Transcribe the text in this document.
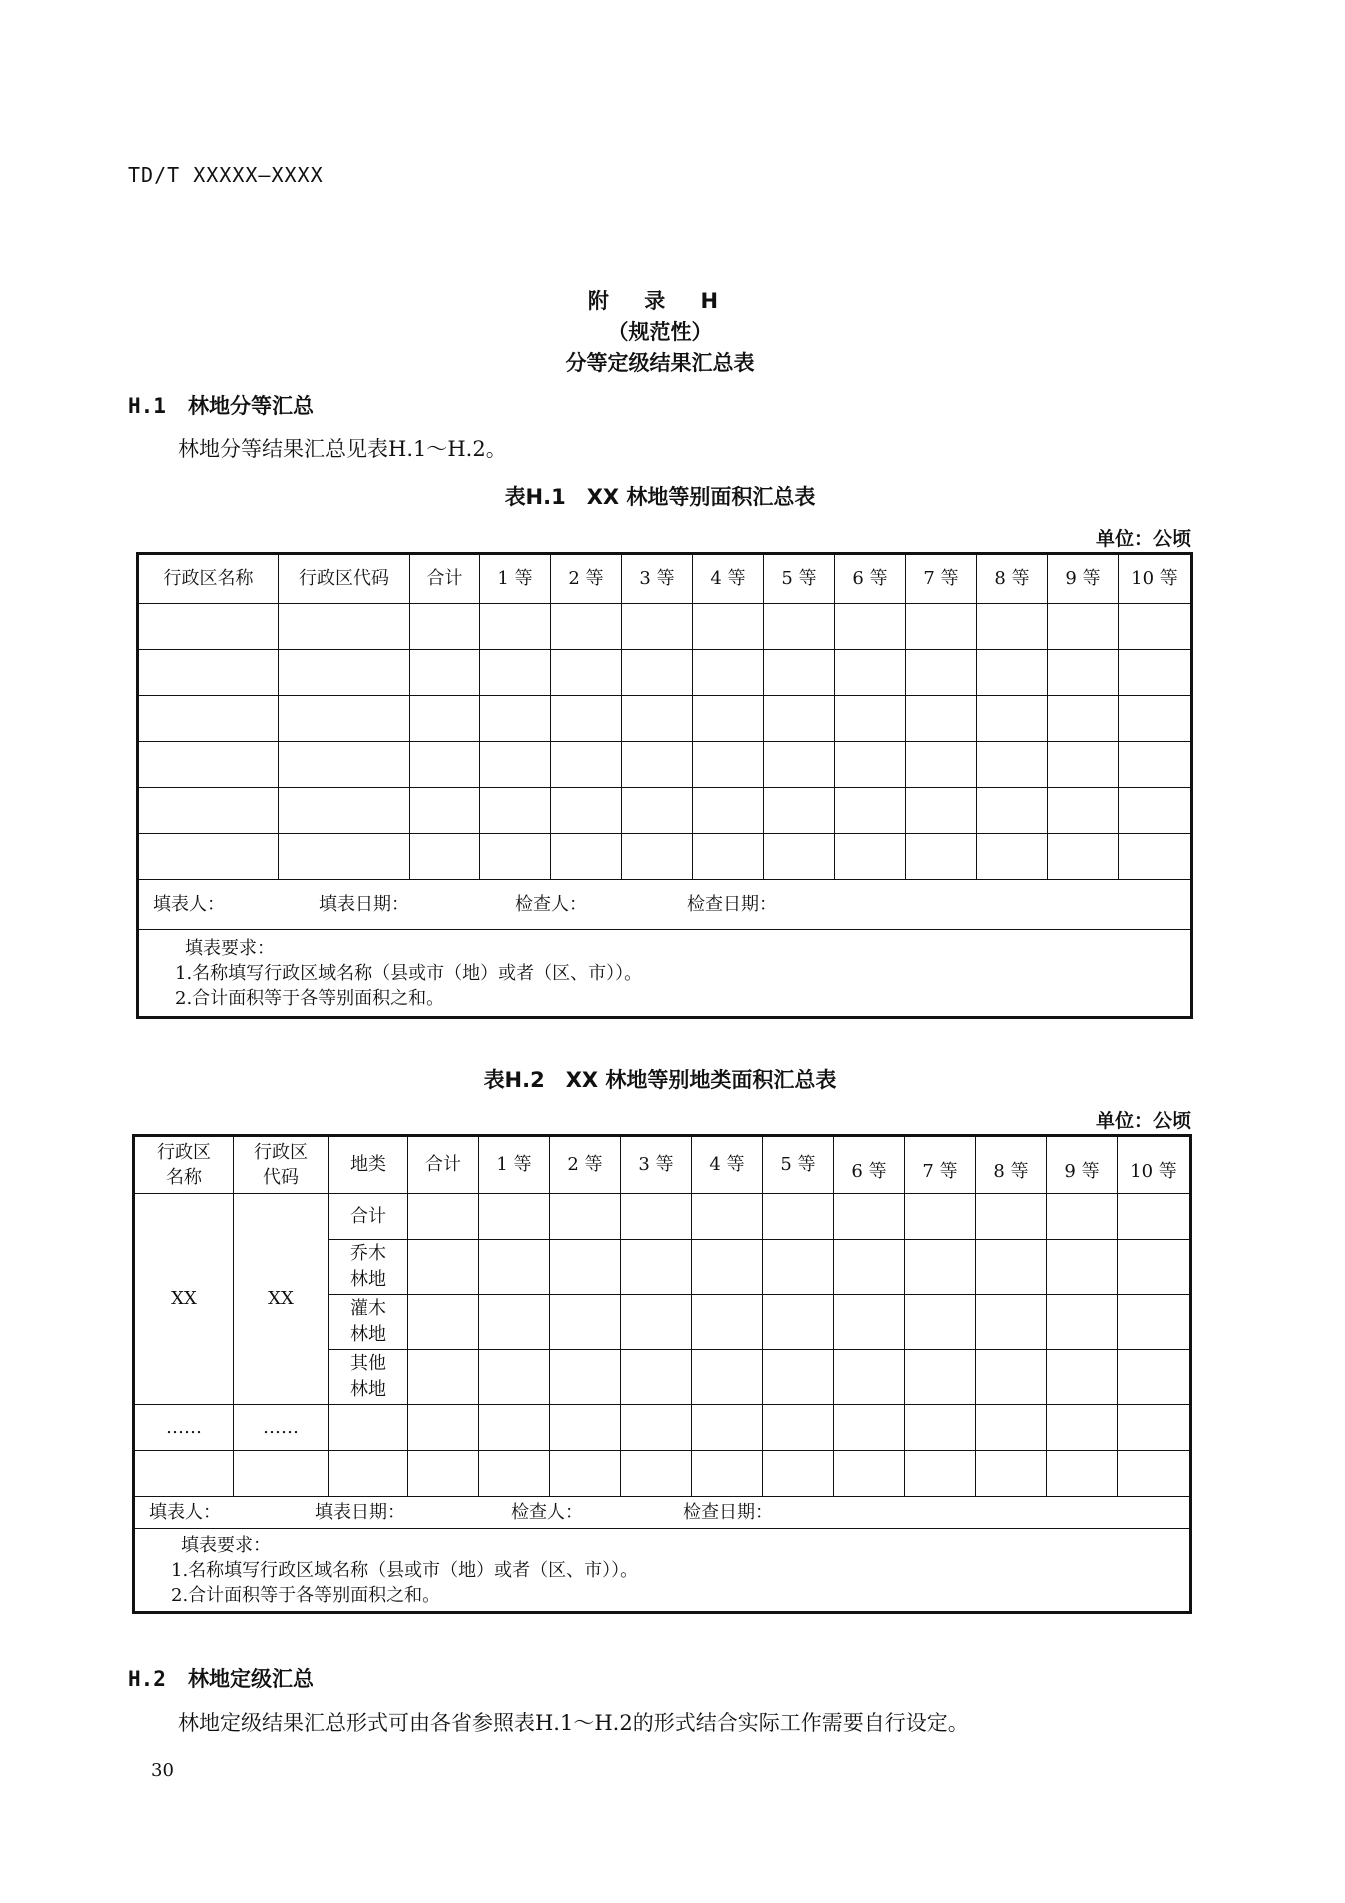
TD/T XXXXX—XXXX
附 录 H
（规范性）
分等定级结果汇总表
H.1 林地分等汇总
林地分等结果汇总见表H.1～H.2。
表H.1　XX 林地等别面积汇总表
单位：公顷
行政区名称	行政区代码	合计	1 等	2 等	3 等	4 等	5 等	6 等	7 等	8 等	9 等	10 等

填表人： 填表日期： 检查人： 检查日期：												

填表要求：
1.名称填写行政区域名称（县或市（地）或者（区、市））。
2.合计面积等于各等别面积之和。												
表H.2　XX 林地等别地类面积汇总表
单位：公顷
行政区名称	行政区代码	地类	合计	1 等	2 等	3 等	4 等	5 等	6 等	7 等	8 等	9 等	10 等
XX	XX	合计											

		乔木林地											

		灌木林地											

		其他林地											

……	……												

填表人： 填表日期： 检查人： 检查日期：													

填表要求：
1.名称填写行政区域名称（县或市（地）或者（区、市））。
2.合计面积等于各等别面积之和。													
H.2 林地定级汇总
林地定级结果汇总形式可由各省参照表H.1～H.2的形式结合实际工作需要自行设定。
30
